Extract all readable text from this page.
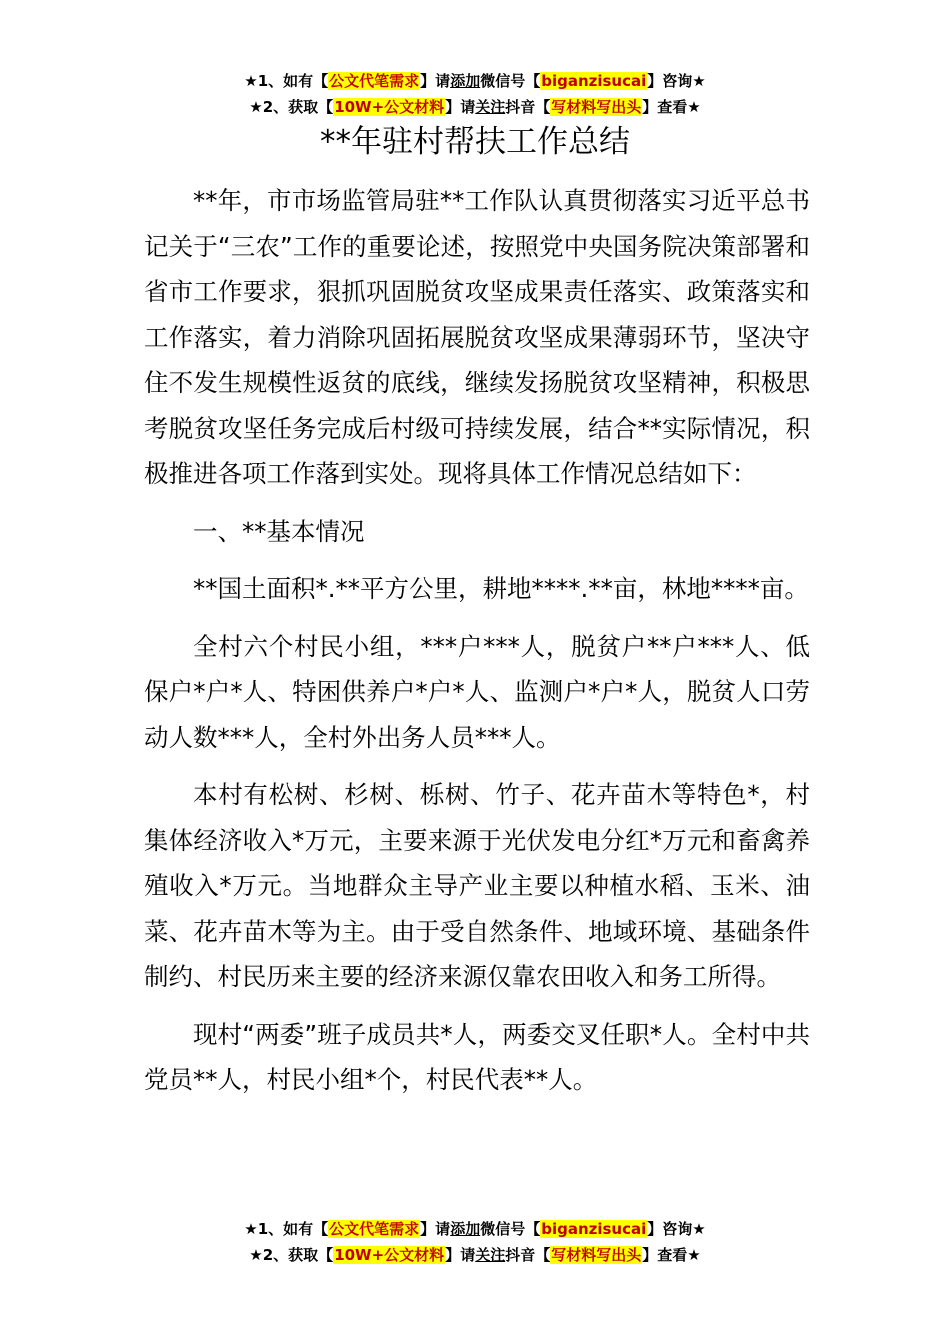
★1、如有【公文代笔需求】请添加微信号【biganzisucai】咨询★
★2、获取【10W+公文材料】请关注抖音【写材料写出头】查看★
**年驻村帮扶工作总结

**年，市市场监管局驻**工作队认真贯彻落实习近平总书记关于“三农”工作的重要论述，按照党中央国务院决策部署和省市工作要求，狠抓巩固脱贫攻坚成果责任落实、政策落实和工作落实，着力消除巩固拓展脱贫攻坚成果薄弱环节，坚决守住不发生规模性返贫的底线，继续发扬脱贫攻坚精神，积极思考脱贫攻坚任务完成后村级可持续发展，结合**实际情况，积极推进各项工作落到实处。现将具体工作情况总结如下：

一、**基本情况

**国土面积*.**平方公里，耕地****.**亩，林地****亩。

全村六个村民小组，***户***人，脱贫户**户***人、低保户*户*人、特困供养户*户*人、监测户*户*人，脱贫人口劳动人数***人，全村外出务人员***人。

本村有松树、杉树、栎树、竹子、花卉苗木等特色*，村集体经济收入*万元，主要来源于光伏发电分红*万元和畜禽养殖收入*万元。当地群众主导产业主要以种植水稻、玉米、油菜、花卉苗木等为主。由于受自然条件、地域环境、基础条件制约、村民历来主要的经济来源仅靠农田收入和务工所得。

现村“两委”班子成员共*人，两委交叉任职*人。全村中共党员**人，村民小组*个，村民代表**人。

★1、如有【公文代笔需求】请添加微信号【biganzisucai】咨询★
★2、获取【10W+公文材料】请关注抖音【写材料写出头】查看★
